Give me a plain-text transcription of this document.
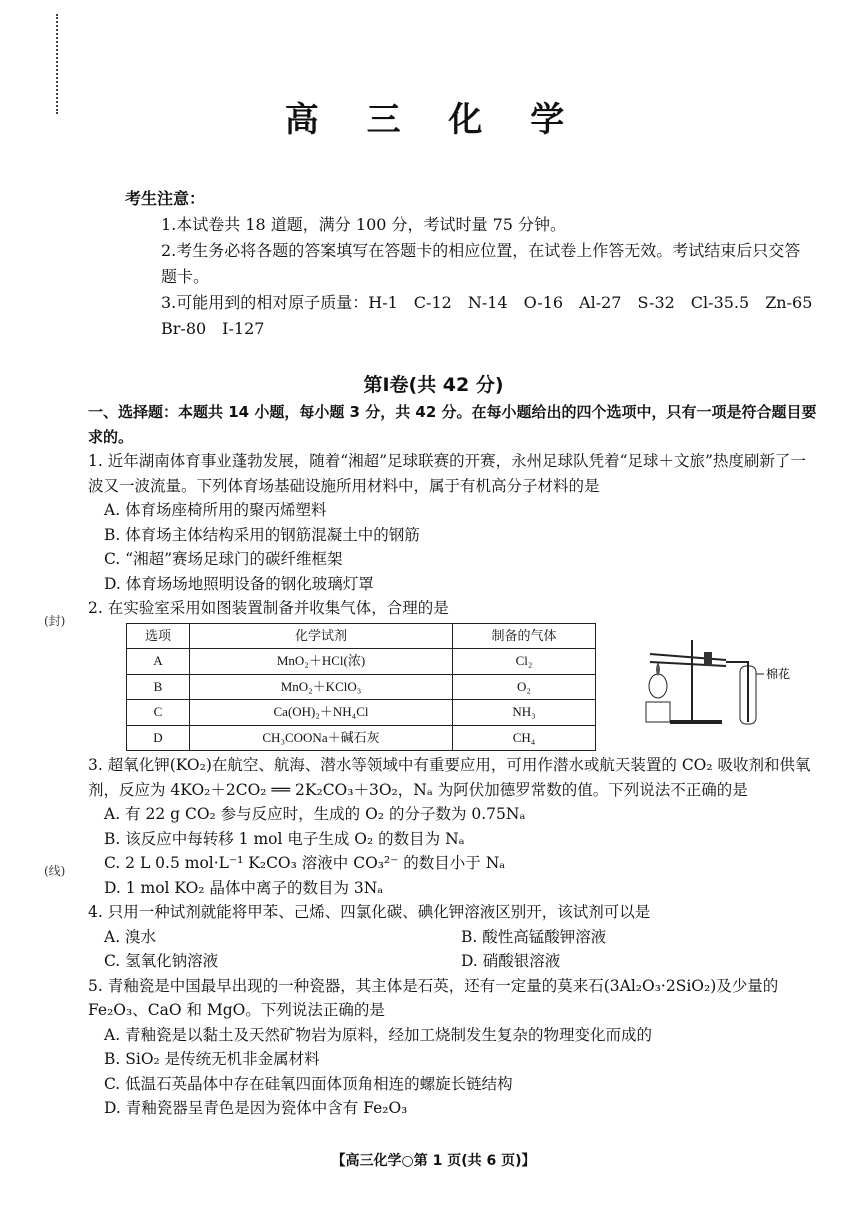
(封)
(线)
高 三 化 学

考生注意：

1.本试卷共 18 道题，满分 100 分，考试时量 75 分钟。

2.考生务必将各题的答案填写在答题卡的相应位置，在试卷上作答无效。考试结束后只交答题卡。

3.可能用到的相对原子质量：H-1　C-12　N-14　O-16　Al-27　S-32　Cl-35.5　Zn-65　Br-80　I-127

第Ⅰ卷(共 42 分)

一、选择题：本题共 14 小题，每小题 3 分，共 42 分。在每小题给出的四个选项中，只有一项是符合题目要求的。

1. 近年湖南体育事业蓬勃发展，随着“湘超”足球联赛的开赛，永州足球队凭着“足球＋文旅”热度刷新了一波又一波流量。下列体育场基础设施所用材料中，属于有机高分子材料的是

A. 体育场座椅所用的聚丙烯塑料

B. 体育场主体结构采用的钢筋混凝土中的钢筋

C. “湘超”赛场足球门的碳纤维框架

D. 体育场场地照明设备的钢化玻璃灯罩

2. 在实验室采用如图装置制备并收集气体，合理的是

选项	化学试剂	制备的气体
A	MnO₂＋HCl(浓)	Cl₂
B	MnO₂＋KClO₃	O₂
C	Ca(OH)₂＋NH₄Cl	NH₃
D	CH₃COONa＋碱石灰	CH₄

3. 超氧化钾(KO₂)在航空、航海、潜水等领域中有重要应用，可用作潜水或航天装置的 CO₂ 吸收剂和供氧剂，反应为 4KO₂＋2CO₂ ══ 2K₂CO₃＋3O₂，Nₐ 为阿伏加德罗常数的值。下列说法不正确的是

A. 有 22 g CO₂ 参与反应时，生成的 O₂ 的分子数为 0.75Nₐ

B. 该反应中每转移 1 mol 电子生成 O₂ 的数目为 Nₐ

C. 2 L 0.5 mol·L⁻¹ K₂CO₃ 溶液中 CO₃²⁻ 的数目小于 Nₐ

D. 1 mol KO₂ 晶体中离子的数目为 3Nₐ

4. 只用一种试剂就能将甲苯、己烯、四氯化碳、碘化钾溶液区别开，该试剂可以是

A. 溴水	B. 酸性高锰酸钾溶液
C. 氢氧化钠溶液	D. 硝酸银溶液

5. 青釉瓷是中国最早出现的一种瓷器，其主体是石英，还有一定量的莫来石(3Al₂O₃·2SiO₂)及少量的 Fe₂O₃、CaO 和 MgO。下列说法正确的是

A. 青釉瓷是以黏土及天然矿物岩为原料，经加工烧制发生复杂的物理变化而成的

B. SiO₂ 是传统无机非金属材料

C. 低温石英晶体中存在硅氧四面体顶角相连的螺旋长链结构

D. 青釉瓷器呈青色是因为瓷体中含有 Fe₂O₃

棉花
【高三化学○第 1 页(共 6 页)】
